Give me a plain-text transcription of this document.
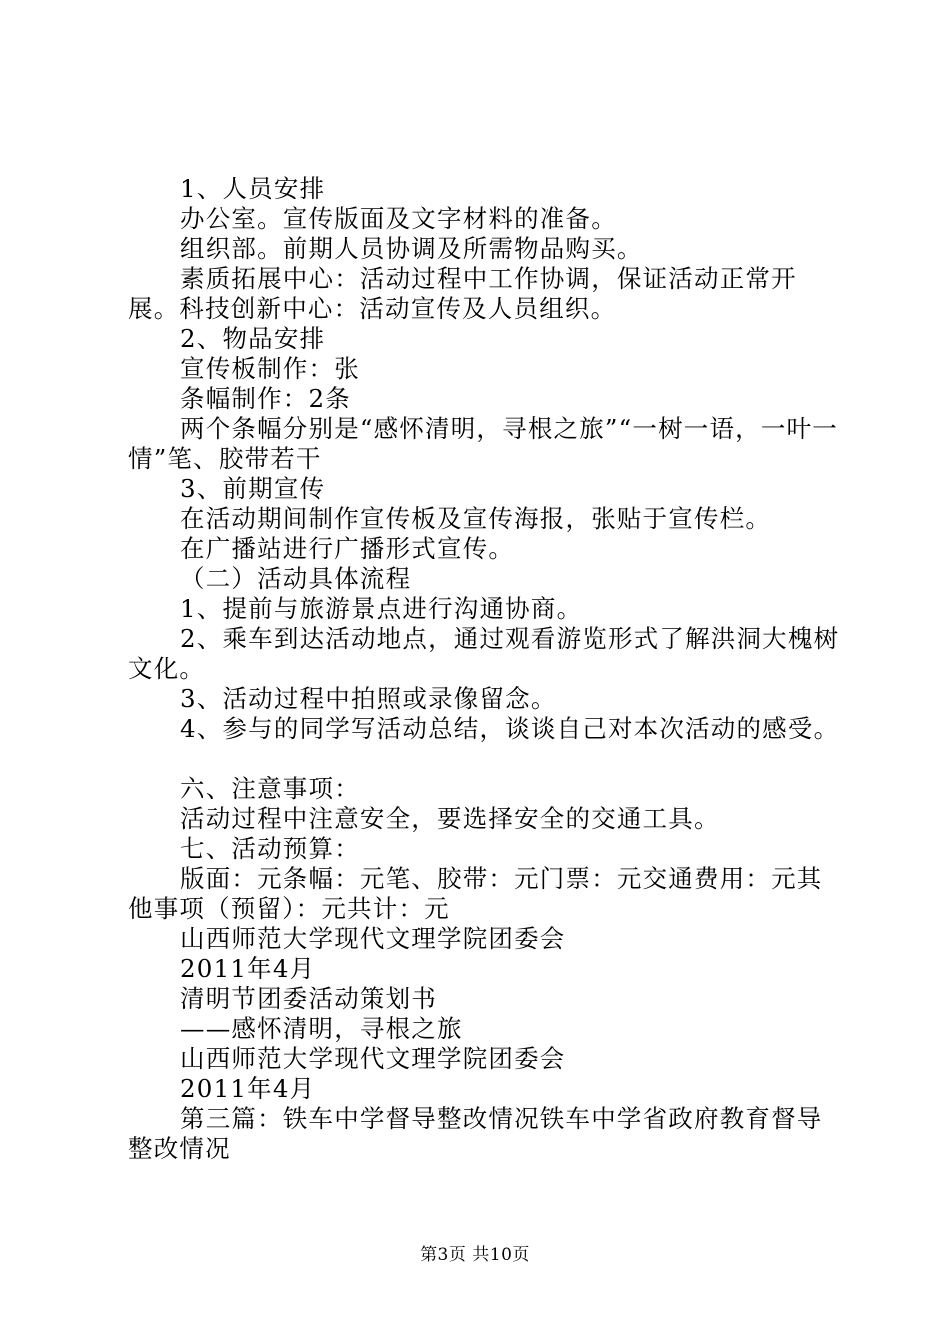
1、人员安排

办公室。宣传版面及文字材料的准备。

组织部。前期人员协调及所需物品购买。

素质拓展中心：活动过程中工作协调，保证活动正常开展。科技创新中心：活动宣传及人员组织。

2、物品安排

宣传板制作：张

条幅制作：2条

两个条幅分别是“感怀清明，寻根之旅”“一树一语，一叶一情”笔、胶带若干

3、前期宣传

在活动期间制作宣传板及宣传海报，张贴于宣传栏。

在广播站进行广播形式宣传。

（二）活动具体流程

1、提前与旅游景点进行沟通协商。

2、乘车到达活动地点，通过观看游览形式了解洪洞大槐树文化。

3、活动过程中拍照或录像留念。

4、参与的同学写活动总结，谈谈自己对本次活动的感受。

六、注意事项：

活动过程中注意安全，要选择安全的交通工具。

七、活动预算：

版面：元条幅：元笔、胶带：元门票：元交通费用：元其他事项（预留）：元共计：元

山西师范大学现代文理学院团委会

2011年4月

清明节团委活动策划书

——感怀清明，寻根之旅

山西师范大学现代文理学院团委会

2011年4月

第三篇：铁车中学督导整改情况铁车中学省政府教育督导整改情况

第3页 共10页
